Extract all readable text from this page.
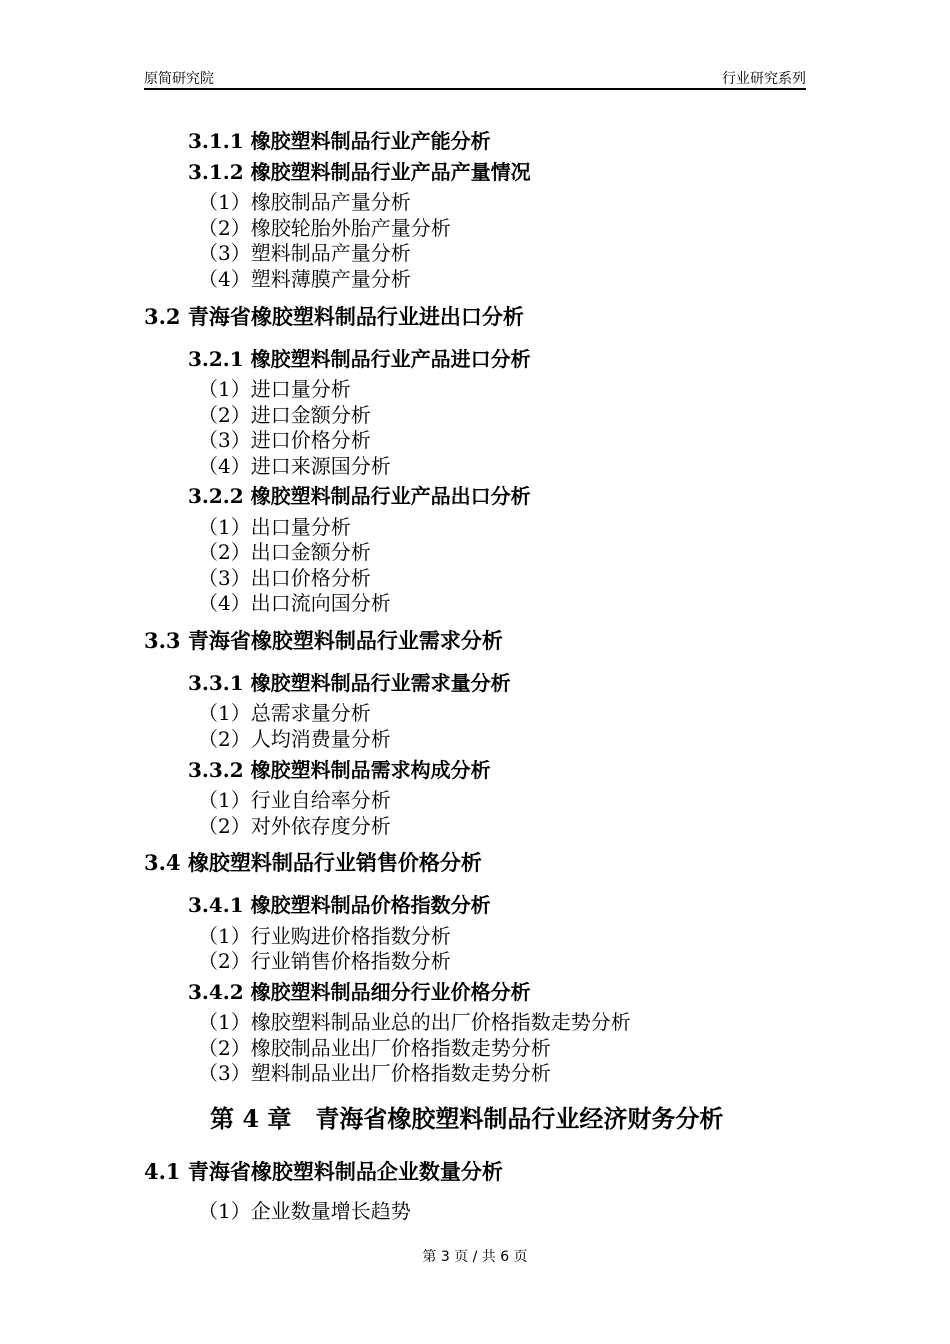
原简研究院	行业研究系列
3.1.1 橡胶塑料制品行业产能分析
3.1.2 橡胶塑料制品行业产品产量情况
（1）橡胶制品产量分析
（2）橡胶轮胎外胎产量分析
（3）塑料制品产量分析
（4）塑料薄膜产量分析
3.2 青海省橡胶塑料制品行业进出口分析
3.2.1 橡胶塑料制品行业产品进口分析
（1）进口量分析
（2）进口金额分析
（3）进口价格分析
（4）进口来源国分析
3.2.2 橡胶塑料制品行业产品出口分析
（1）出口量分析
（2）出口金额分析
（3）出口价格分析
（4）出口流向国分析
3.3 青海省橡胶塑料制品行业需求分析
3.3.1 橡胶塑料制品行业需求量分析
（1）总需求量分析
（2）人均消费量分析
3.3.2 橡胶塑料制品需求构成分析
（1）行业自给率分析
（2）对外依存度分析
3.4 橡胶塑料制品行业销售价格分析
3.4.1 橡胶塑料制品价格指数分析
（1）行业购进价格指数分析
（2）行业销售价格指数分析
3.4.2 橡胶塑料制品细分行业价格分析
（1）橡胶塑料制品业总的出厂价格指数走势分析
（2）橡胶制品业出厂价格指数走势分析
（3）塑料制品业出厂价格指数走势分析
第 4 章　青海省橡胶塑料制品行业经济财务分析
4.1 青海省橡胶塑料制品企业数量分析
（1）企业数量增长趋势
第 3 页 / 共 6 页
